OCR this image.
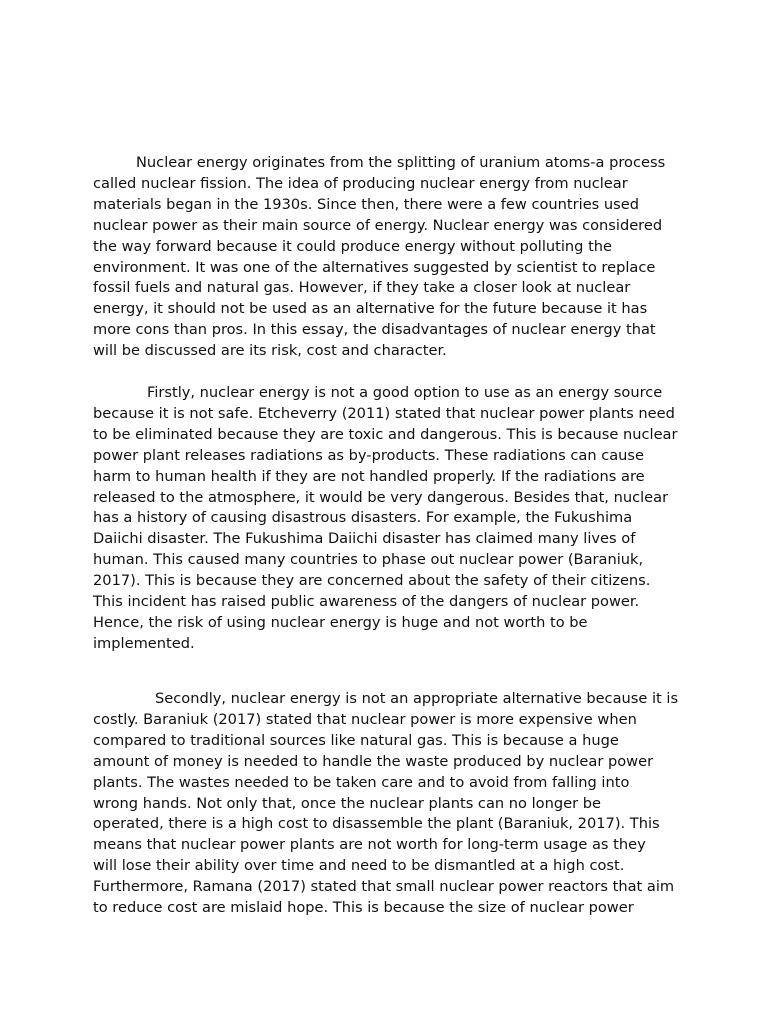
Nuclear energy originates from the splitting of uranium atoms-a process
called nuclear fission. The idea of producing nuclear energy from nuclear
materials began in the 1930s. Since then, there were a few countries used
nuclear power as their main source of energy. Nuclear energy was considered
the way forward because it could produce energy without polluting the
environment. It was one of the alternatives suggested by scientist to replace
fossil fuels and natural gas. However, if they take a closer look at nuclear
energy, it should not be used as an alternative for the future because it has
more cons than pros. In this essay, the disadvantages of nuclear energy that
will be discussed are its risk, cost and character.

Firstly, nuclear energy is not a good option to use as an energy source
because it is not safe. Etcheverry (2011) stated that nuclear power plants need
to be eliminated because they are toxic and dangerous. This is because nuclear
power plant releases radiations as by-products. These radiations can cause
harm to human health if they are not handled properly. If the radiations are
released to the atmosphere, it would be very dangerous. Besides that, nuclear
has a history of causing disastrous disasters. For example, the Fukushima
Daiichi disaster. The Fukushima Daiichi disaster has claimed many lives of
human. This caused many countries to phase out nuclear power (Baraniuk,
2017). This is because they are concerned about the safety of their citizens.
This incident has raised public awareness of the dangers of nuclear power.
Hence, the risk of using nuclear energy is huge and not worth to be
implemented.

Secondly, nuclear energy is not an appropriate alternative because it is
costly. Baraniuk (2017) stated that nuclear power is more expensive when
compared to traditional sources like natural gas. This is because a huge
amount of money is needed to handle the waste produced by nuclear power
plants. The wastes needed to be taken care and to avoid from falling into
wrong hands. Not only that, once the nuclear plants can no longer be
operated, there is a high cost to disassemble the plant (Baraniuk, 2017). This
means that nuclear power plants are not worth for long-term usage as they
will lose their ability over time and need to be dismantled at a high cost.
Furthermore, Ramana (2017) stated that small nuclear power reactors that aim
to reduce cost are mislaid hope. This is because the size of nuclear power
